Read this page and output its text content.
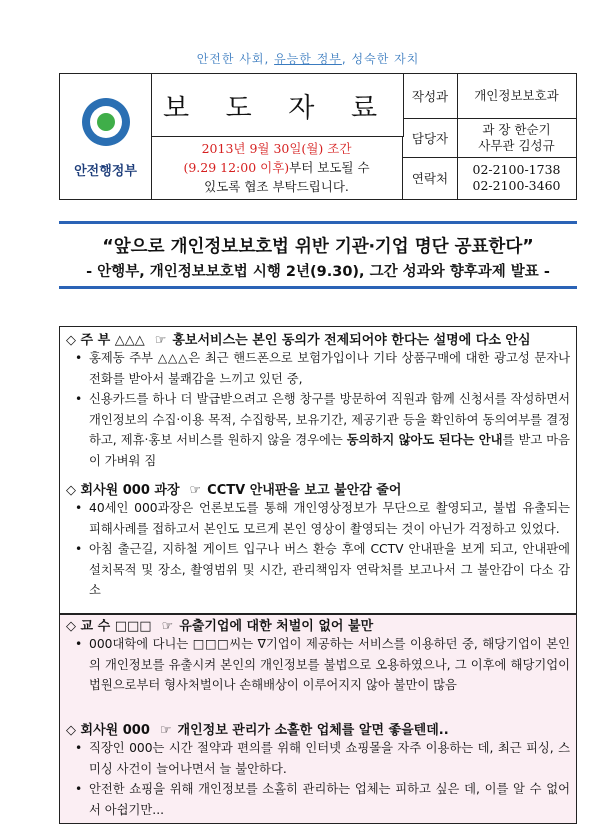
안전한 사회, 유능한 정부, 성숙한 자치
안전행정부
보 도 자 료
2013년 9월 30일(월) 조간
(9.29 12:00 이후)부터 보도될 수
있도록 협조 부탁드립니다.
작성과	개인정보보호과
담당자
과 장 한순기
사무관 김성규
연락처
02-2100-1738
02-2100-3460
“앞으로 개인정보보호법 위반 기관‧기업 명단 공표한다”
- 안행부, 개인정보보호법 시행 2년(9.30), 그간 성과와 향후과제 발표 -
◇ 주 부 △△△ ☞ 홍보서비스는 본인 동의가 전제되어야 한다는 설명에 다소 안심
• 홍제동 주부 △△△은 최근 핸드폰으로 보험가입이나 기타 상품구매에 대한 광고성 문자나 전화를 받아서 불쾌감을 느끼고 있던 중,
• 신용카드를 하나 더 발급받으려고 은행 창구를 방문하여 직원과 함께 신청서를 작성하면서 개인정보의 수집‧이용 목적, 수집항목, 보유기간, 제공기관 등을 확인하여 동의여부를 결정하고, 제휴‧홍보 서비스를 원하지 않을 경우에는 동의하지 않아도 된다는 안내를 받고 마음이 가벼워 짐
◇ 회사원 000 과장 ☞ CCTV 안내판을 보고 불안감 줄어
• 40세인 000과장은 언론보도를 통해 개인영상정보가 무단으로 촬영되고, 불법 유출되는 피해사례를 접하고서 본인도 모르게 본인 영상이 촬영되는 것이 아닌가 걱정하고 있었다.
• 아침 출근길, 지하철 게이트 입구나 버스 환승 후에 CCTV 안내판을 보게 되고, 안내판에 설치목적 및 장소, 촬영범위 및 시간, 관리책임자 연락처를 보고나서 그 불안감이 다소 감소
◇ 교 수 □□□ ☞ 유출기업에 대한 처벌이 없어 불만
• 000대학에 다니는 □□□씨는 ∇기업이 제공하는 서비스를 이용하던 중, 해당기업이 본인의 개인정보를 유출시켜 본인의 개인정보를 불법으로 오용하였으나, 그 이후에 해당기업이 법원으로부터 형사처벌이나 손해배상이 이루어지지 않아 불만이 많음
◇ 회사원 000 ☞ 개인정보 관리가 소홀한 업체를 알면 좋을텐데..
• 직장인 000는 시간 절약과 편의를 위해 인터넷 쇼핑몰을 자주 이용하는 데, 최근 피싱, 스미싱 사건이 늘어나면서 늘 불안하다.
• 안전한 쇼핑을 위해 개인정보를 소홀히 관리하는 업체는 피하고 싶은 데, 이를 알 수 없어서 아쉽기만...
